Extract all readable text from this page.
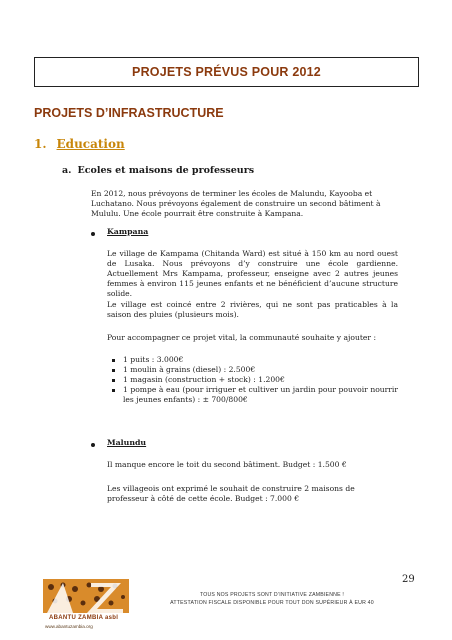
PROJETS PRÉVUS POUR 2012
PROJETS D’INFRASTRUCTURE
1. Education
a. Ecoles et maisons de professeurs
En 2012, nous prévoyons de terminer les écoles de Malundu, Kayooba et Luchatano. Nous prévoyons également de construire un second bâtiment à Mululu. Une école pourrait être construite à Kampana.
Kampana
Le village de Kampama (Chitanda Ward) est situé à 150 km au nord ouest de Lusaka. Nous prévoyons d’y construire une école gardienne. Actuellement Mrs Kampama, professeur, enseigne avec 2 autres jeunes femmes à environ 115 jeunes enfants et ne bénéficient d’aucune structure solide.
Le village est coincé entre 2 rivières, qui ne sont pas praticables à la saison des pluies (plusieurs mois).
Pour accompagner ce projet vital, la communauté souhaite y ajouter :
1 puits : 3.000€
1 moulin à grains (diesel) : 2.500€
1 magasin (construction + stock) : 1.200€
1 pompe à eau (pour irriguer et cultiver un jardin pour pouvoir nourrir les jeunes enfants) : ± 700/800€
Malundu
Il manque encore le toit du second bâtiment. Budget : 1.500 €
Les villageois ont exprimé le souhait de construire 2 maisons de professeur à côté de cette école. Budget : 7.000 €
29
TOUS NOS PROJETS SONT D’INITIATIVE ZAMBIENNE !
ATTESTATION FISCALE DISPONIBLE POUR TOUT DON SUPÉRIEUR À EUR 40
ABANTU ZAMBIA asbl
www.abantuzambia.org
